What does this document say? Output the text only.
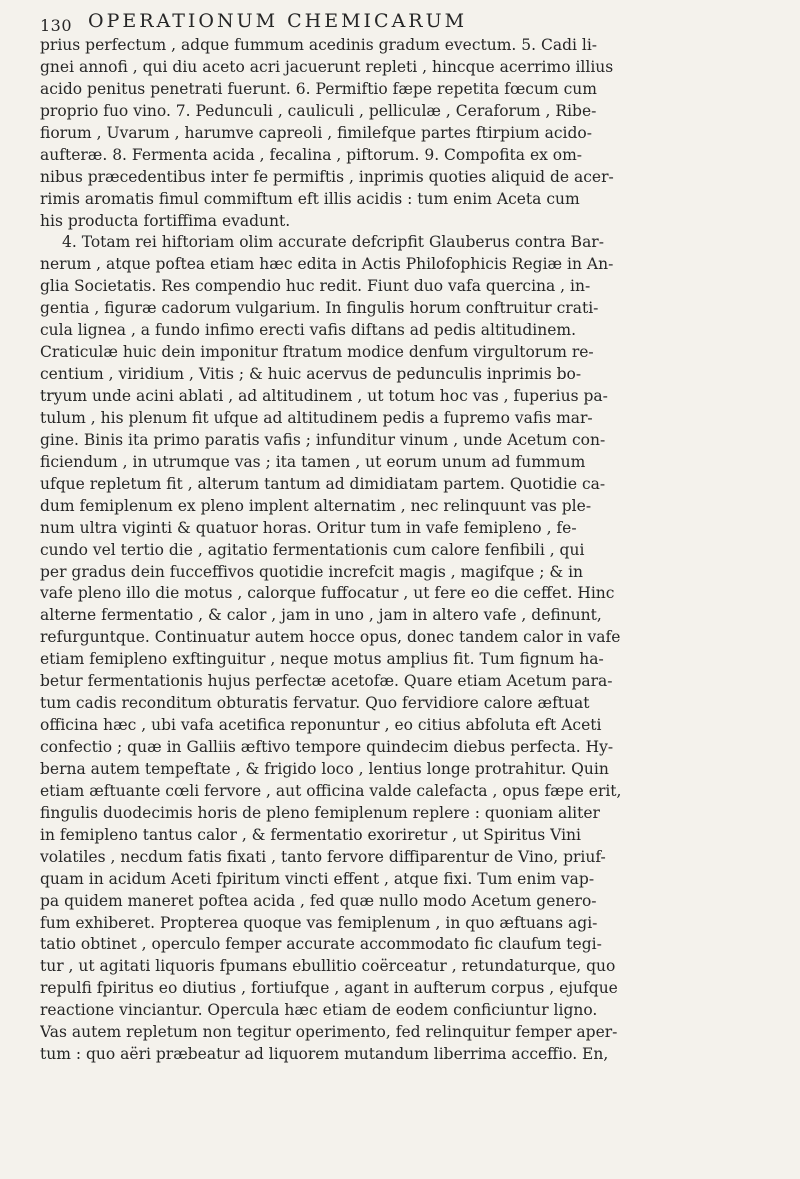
130 OPERATIONUM CHEMICARUM
prius perfectum , adque fummum acedinis gradum evectum. 5. Cadi li-
gnei annofi , qui diu aceto acri jacuerunt repleti , hincque acerrimo illius
acido penitus penetrati fuerunt. 6. Permiftio fæpe repetita fœcum cum
proprio fuo vino. 7. Pedunculi , cauliculi , pelliculæ , Ceraforum , Ribe-
fiorum , Uvarum , harumve capreoli , fimilefque partes ftirpium acido-
aufteræ. 8. Fermenta acida , fecalina , piftorum. 9. Compofita ex om-
nibus præcedentibus inter fe permiftis , inprimis quoties aliquid de acer-
rimis aromatis fimul commiftum eft illis acidis : tum enim Aceta cum
his producta fortiffima evadunt.
4. Totam rei hiftoriam olim accurate defcripfit Glauberus contra Bar-
nerum , atque poftea etiam hæc edita in Actis Philofophicis Regiæ in An-
glia Societatis. Res compendio huc redit. Fiunt duo vafa quercina , in-
gentia , figuræ cadorum vulgarium. In fingulis horum conftruitur crati-
cula lignea , a fundo infimo erecti vafis diftans ad pedis altitudinem.
Craticulæ huic dein imponitur ftratum modice denfum virgultorum re-
centium , viridium , Vitis ; & huic acervus de pedunculis inprimis bo-
tryum unde acini ablati , ad altitudinem , ut totum hoc vas , fuperius pa-
tulum , his plenum fit ufque ad altitudinem pedis a fupremo vafis mar-
gine. Binis ita primo paratis vafis ; infunditur vinum , unde Acetum con-
ficiendum , in utrumque vas ; ita tamen , ut eorum unum ad fummum
ufque repletum fit , alterum tantum ad dimidiatam partem. Quotidie ca-
dum femiplenum ex pleno implent alternatim , nec relinquunt vas ple-
num ultra viginti & quatuor horas. Oritur tum in vafe femipleno , fe-
cundo vel tertio die , agitatio fermentationis cum calore fenfibili , qui
per gradus dein fucceffivos quotidie increfcit magis , magifque ; & in
vafe pleno illo die motus , calorque fuffocatur , ut fere eo die ceffet. Hinc
alterne fermentatio , & calor , jam in uno , jam in altero vafe , definunt,
refurguntque. Continuatur autem hocce opus, donec tandem calor in vafe
etiam femipleno exftinguitur , neque motus amplius fit. Tum fignum ha-
betur fermentationis hujus perfectæ acetofæ. Quare etiam Acetum para-
tum cadis reconditum obturatis fervatur. Quo fervidiore calore æftuat
officina hæc , ubi vafa acetifica reponuntur , eo citius abfoluta eft Aceti
confectio ; quæ in Galliis æftivo tempore quindecim diebus perfecta. Hy-
berna autem tempeftate , & frigido loco , lentius longe protrahitur. Quin
etiam æftuante cœli fervore , aut officina valde calefacta , opus fæpe erit,
fingulis duodecimis horis de pleno femiplenum replere : quoniam aliter
in femipleno tantus calor , & fermentatio exoriretur , ut Spiritus Vini
volatiles , necdum fatis fixati , tanto fervore diffiparentur de Vino, priuf-
quam in acidum Aceti fpiritum vincti effent , atque fixi. Tum enim vap-
pa quidem maneret poftea acida , fed quæ nullo modo Acetum genero-
fum exhiberet. Propterea quoque vas femiplenum , in quo æftuans agi-
tatio obtinet , operculo femper accurate accommodato fic claufum tegi-
tur , ut agitati liquoris fpumans ebullitio coërceatur , retundaturque, quo
repulfi fpiritus eo diutius , fortiufque , agant in aufterum corpus , ejufque
reactione vinciantur. Opercula hæc etiam de eodem conficiuntur ligno.
Vas autem repletum non tegitur operimento, fed relinquitur femper aper-
tum : quo aëri præbeatur ad liquorem mutandum liberrima acceffio. En,
